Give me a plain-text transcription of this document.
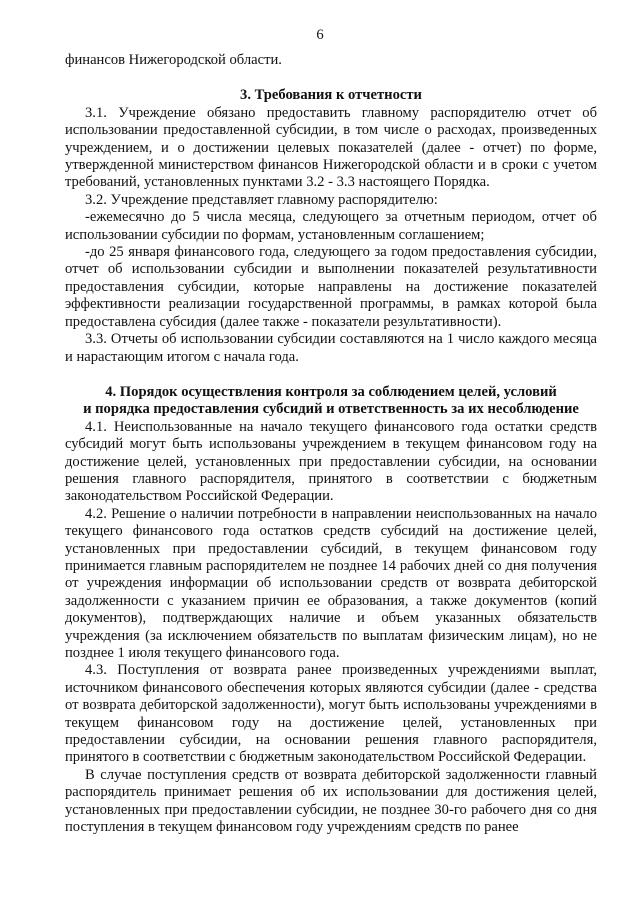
6

финансов Нижегородской области.

3. Требования к отчетности

3.1. Учреждение обязано предоставить главному распорядителю отчет об использовании предоставленной субсидии, в том числе о расходах, произведенных учреждением, и о достижении целевых показателей (далее - отчет) по форме, утвержденной министерством финансов Нижегородской области и в сроки с учетом требований, установленных пунктами 3.2 - 3.3 настоящего Порядка.

3.2. Учреждение представляет главному распорядителю:

-ежемесячно до 5 числа месяца, следующего за отчетным периодом, отчет об использовании субсидии по формам, установленным соглашением;

-до 25 января финансового года, следующего за годом предоставления субсидии, отчет об использовании субсидии и выполнении показателей результативности предоставления субсидии, которые направлены на достижение показателей эффективности реализации государственной программы, в рамках которой была предоставлена субсидия (далее также - показатели результативности).

3.3. Отчеты об использовании субсидии составляются на 1 число каждого месяца и нарастающим итогом с начала года.

4. Порядок осуществления контроля за соблюдением целей, условий
и порядка предоставления субсидий и ответственность за их несоблюдение

4.1. Неиспользованные на начало текущего финансового года остатки средств субсидий могут быть использованы учреждением в текущем финансовом году на достижение целей, установленных при предоставлении субсидии, на основании решения главного распорядителя, принятого в соответствии с бюджетным законодательством Российской Федерации.

4.2. Решение о наличии потребности в направлении неиспользованных на начало текущего финансового года остатков средств субсидий на достижение целей, установленных при предоставлении субсидий, в текущем финансовом году принимается главным распорядителем не позднее 14 рабочих дней со дня получения от учреждения информации об использовании средств от возврата дебиторской задолженности с указанием причин ее образования, а также документов (копий документов), подтверждающих наличие и объем указанных обязательств учреждения (за исключением обязательств по выплатам физическим лицам), но не позднее 1 июля текущего финансового года.

4.3. Поступления от возврата ранее произведенных учреждениями выплат, источником финансового обеспечения которых являются субсидии (далее - средства от возврата дебиторской задолженности), могут быть использованы учреждениями в текущем финансовом году на достижение целей, установленных при предоставлении субсидии, на основании решения главного распорядителя, принятого в соответствии с бюджетным законодательством Российской Федерации.

В случае поступления средств от возврата дебиторской задолженности главный распорядитель принимает решения об их использовании для достижения целей, установленных при предоставлении субсидии, не позднее 30-го рабочего дня со дня поступления в текущем финансовом году учреждениям средств по ранее
